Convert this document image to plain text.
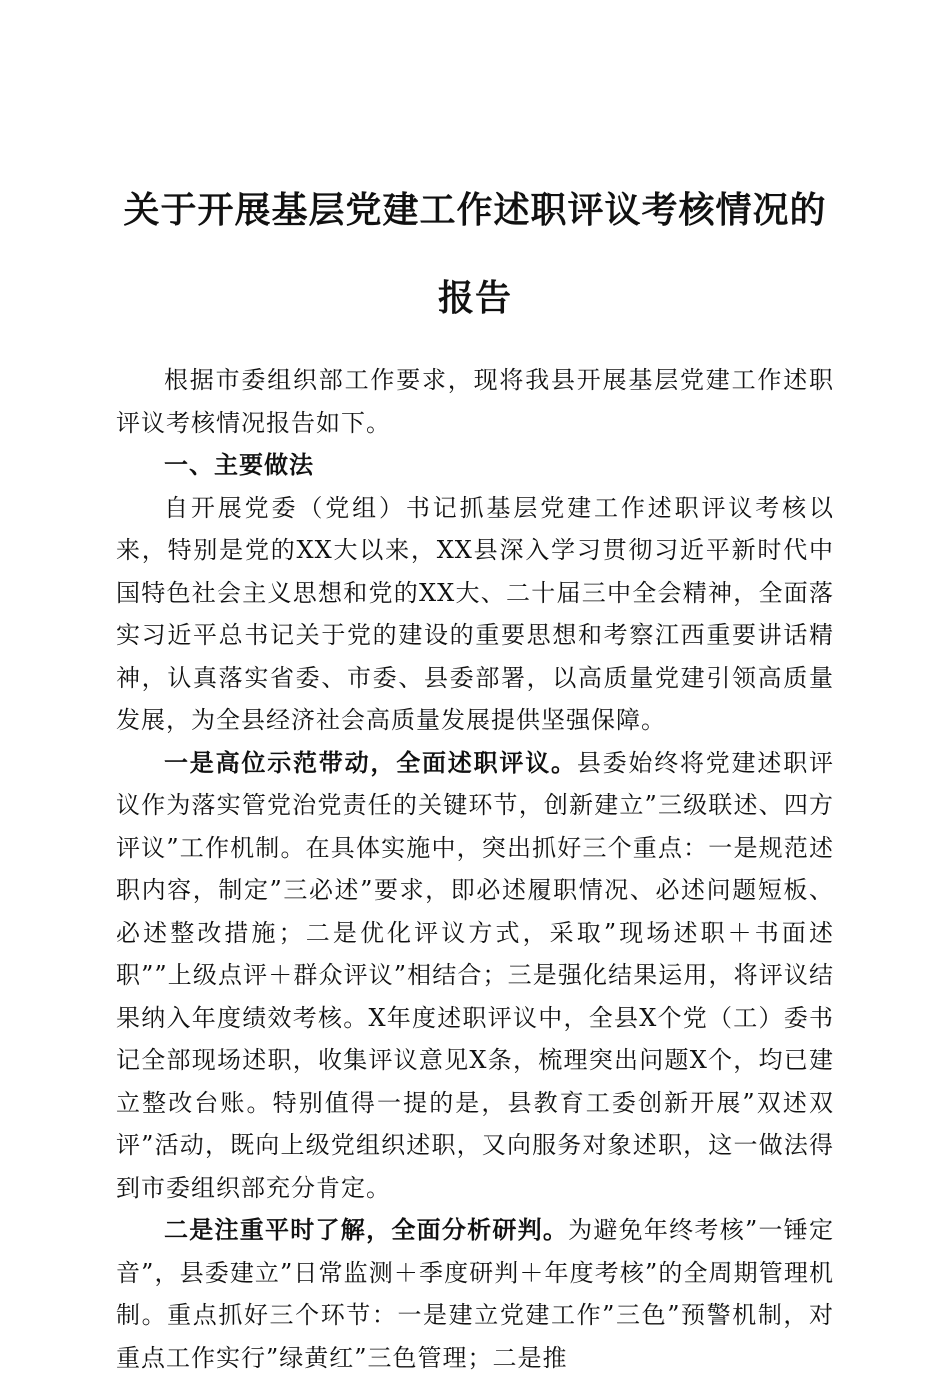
关于开展基层党建工作述职评议考核情况的报告

根据市委组织部工作要求，现将我县开展基层党建工作述职评议考核情况报告如下。

一、主要做法

自开展党委（党组）书记抓基层党建工作述职评议考核以来，特别是党的XX大以来，XX县深入学习贯彻习近平新时代中国特色社会主义思想和党的XX大、二十届三中全会精神，全面落实习近平总书记关于党的建设的重要思想和考察江西重要讲话精神，认真落实省委、市委、县委部署，以高质量党建引领高质量发展，为全县经济社会高质量发展提供坚强保障。

一是高位示范带动，全面述职评议。县委始终将党建述职评议作为落实管党治党责任的关键环节，创新建立”三级联述、四方评议”工作机制。在具体实施中，突出抓好三个重点：一是规范述职内容，制定”三必述”要求，即必述履职情况、必述问题短板、必述整改措施；二是优化评议方式，采取”现场述职＋书面述职””上级点评＋群众评议”相结合；三是强化结果运用，将评议结果纳入年度绩效考核。X年度述职评议中，全县X个党（工）委书记全部现场述职，收集评议意见X条，梳理突出问题X个，均已建立整改台账。特别值得一提的是，县教育工委创新开展”双述双评”活动，既向上级党组织述职，又向服务对象述职，这一做法得到市委组织部充分肯定。

二是注重平时了解，全面分析研判。为避免年终考核”一锤定音”，县委建立”日常监测＋季度研判＋年度考核”的全周期管理机制。重点抓好三个环节：一是建立党建工作”三色”预警机制，对重点工作实行”绿黄红”三色管理；二是推
